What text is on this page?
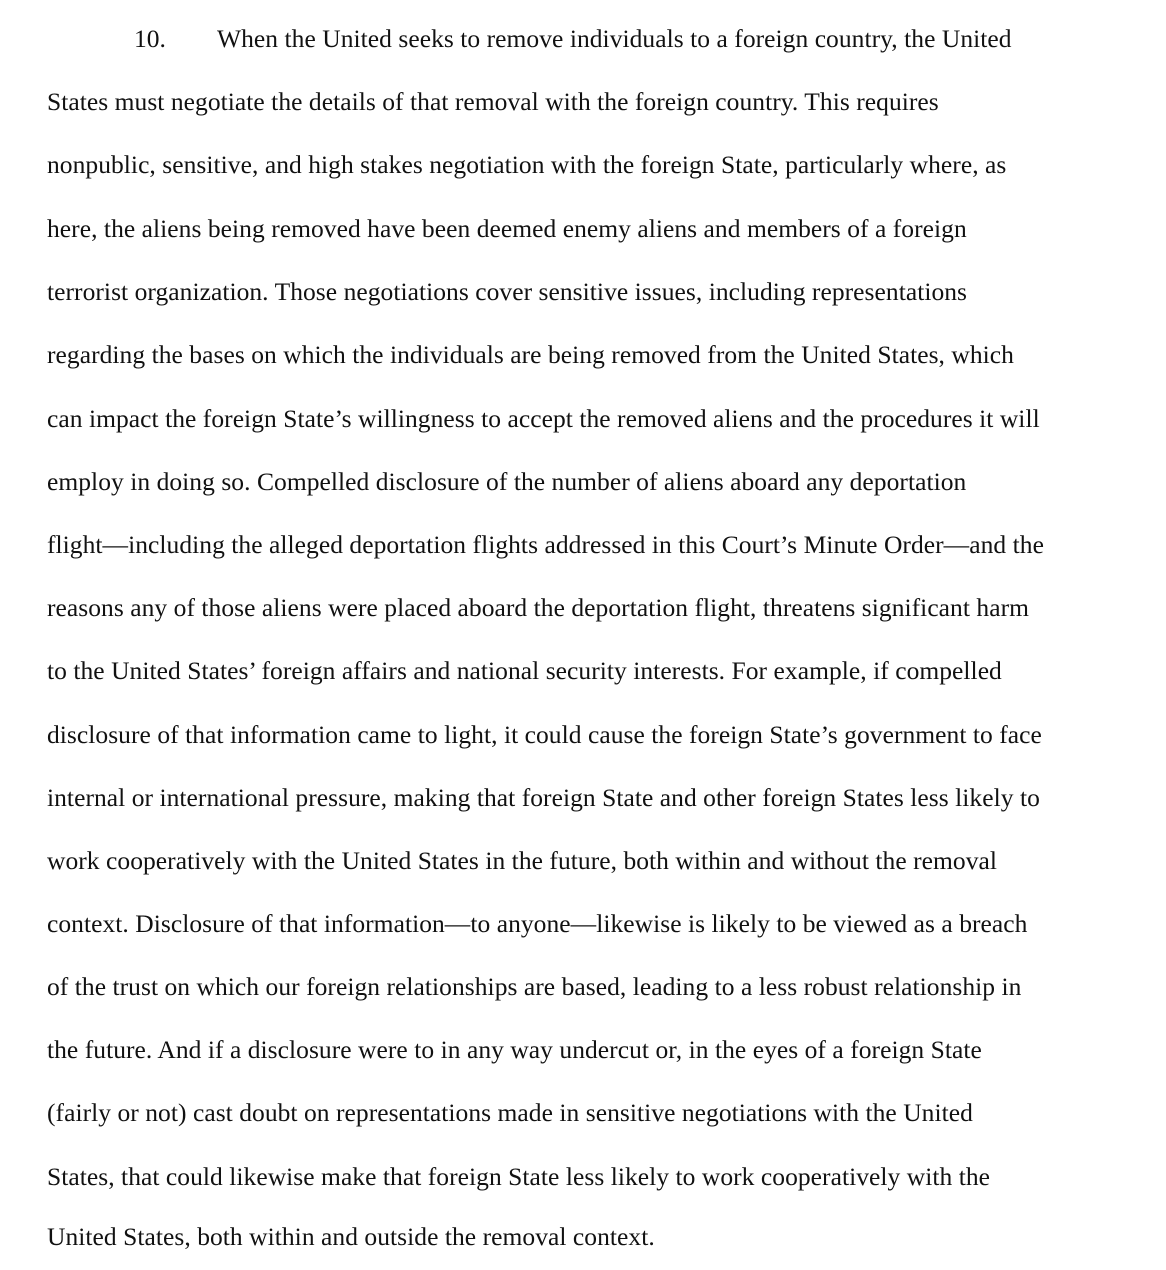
10. When the United seeks to remove individuals to a foreign country, the United
States must negotiate the details of that removal with the foreign country. This requires
nonpublic, sensitive, and high stakes negotiation with the foreign State, particularly where, as
here, the aliens being removed have been deemed enemy aliens and members of a foreign
terrorist organization. Those negotiations cover sensitive issues, including representations
regarding the bases on which the individuals are being removed from the United States, which
can impact the foreign State’s willingness to accept the removed aliens and the procedures it will
employ in doing so. Compelled disclosure of the number of aliens aboard any deportation
flight—including the alleged deportation flights addressed in this Court’s Minute Order—and the
reasons any of those aliens were placed aboard the deportation flight, threatens significant harm
to the United States’ foreign affairs and national security interests. For example, if compelled
disclosure of that information came to light, it could cause the foreign State’s government to face
internal or international pressure, making that foreign State and other foreign States less likely to
work cooperatively with the United States in the future, both within and without the removal
context. Disclosure of that information—to anyone—likewise is likely to be viewed as a breach
of the trust on which our foreign relationships are based, leading to a less robust relationship in
the future. And if a disclosure were to in any way undercut or, in the eyes of a foreign State
(fairly or not) cast doubt on representations made in sensitive negotiations with the United
States, that could likewise make that foreign State less likely to work cooperatively with the
United States, both within and outside the removal context.
